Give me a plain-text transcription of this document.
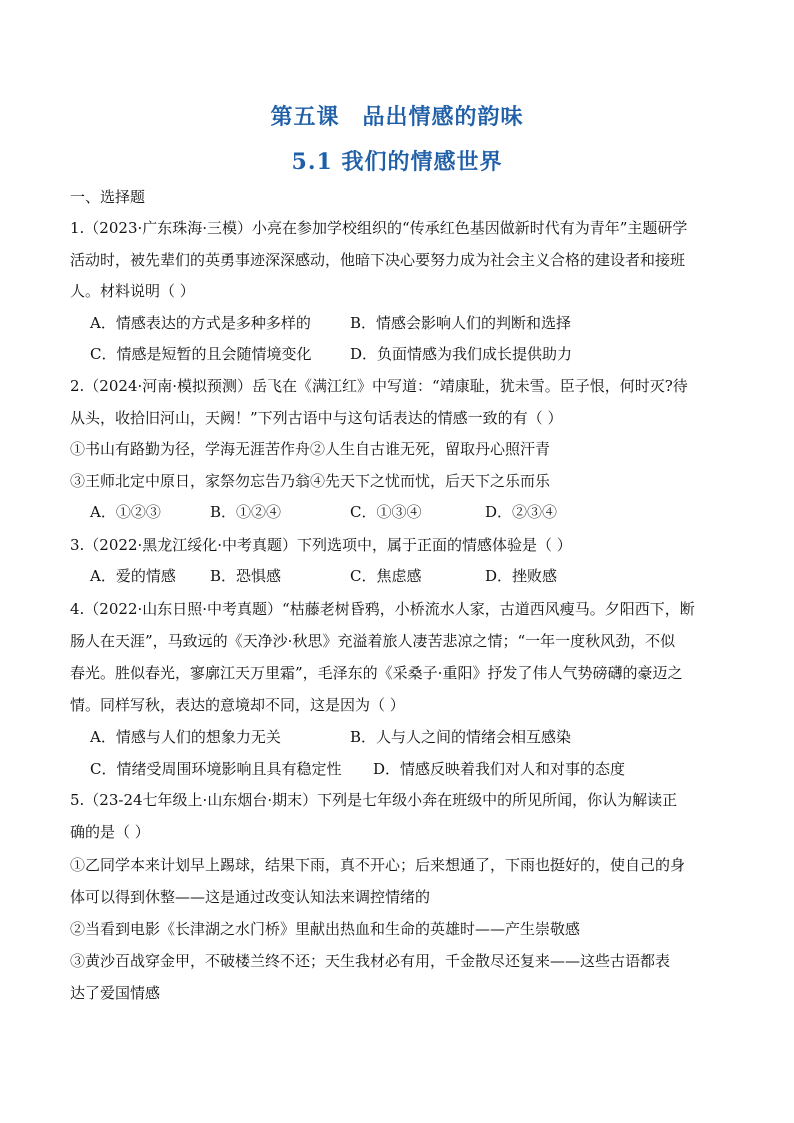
第五课　品出情感的韵味
5.1 我们的情感世界
一、选择题
1.（2023·广东珠海·三模）小亮在参加学校组织的“传承红色基因做新时代有为青年”主题研学
活动时，被先辈们的英勇事迹深深感动，他暗下决心要努力成为社会主义合格的建设者和接班
人。材料说明（ ）
A．情感表达的方式是多种多样的	B．情感会影响人们的判断和选择
C．情感是短暂的且会随情境变化	D．负面情感为我们成长提供助力
2.（2024·河南·模拟预测）岳飞在《满江红》中写道：“靖康耻，犹未雪。臣子恨，何时灭?待
从头，收拾旧河山，天阙！”下列古语中与这句话表达的情感一致的有（ ）
①书山有路勤为径，学海无涯苦作舟②人生自古谁无死，留取丹心照汗青
③王师北定中原日，家祭勿忘告乃翁④先天下之忧而忧，后天下之乐而乐
A．①②③	B．①②④	C．①③④	D．②③④
3.（2022·黑龙江绥化·中考真题）下列选项中，属于正面的情感体验是（ ）
A．爱的情感 B．恐惧感	C．焦虑感	D．挫败感
4.（2022·山东日照·中考真题）“枯藤老树昏鸦，小桥流水人家，古道西风瘦马。夕阳西下，断
肠人在天涯”，马致远的《天净沙·秋思》充溢着旅人凄苦悲凉之情；“一年一度秋风劲，不似
春光。胜似春光，寥廓江天万里霜”，毛泽东的《采桑子·重阳》抒发了伟人气势磅礴的豪迈之
情。同样写秋，表达的意境却不同，这是因为（ ）
A．情感与人们的想象力无关	B．人与人之间的情绪会相互感染
C．情绪受周围环境影响且具有稳定性 D．情感反映着我们对人和对事的态度
5.（23-24七年级上·山东烟台·期末）下列是七年级小奔在班级中的所见所闻，你认为解读正
确的是（ ）
①乙同学本来计划早上踢球，结果下雨，真不开心；后来想通了，下雨也挺好的，使自己的身
体可以得到休整——这是通过改变认知法来调控情绪的
②当看到电影《长津湖之水门桥》里献出热血和生命的英雄时——产生崇敬感
③黄沙百战穿金甲，不破楼兰终不还；天生我材必有用，千金散尽还复来——这些古语都表
达了爱国情感
